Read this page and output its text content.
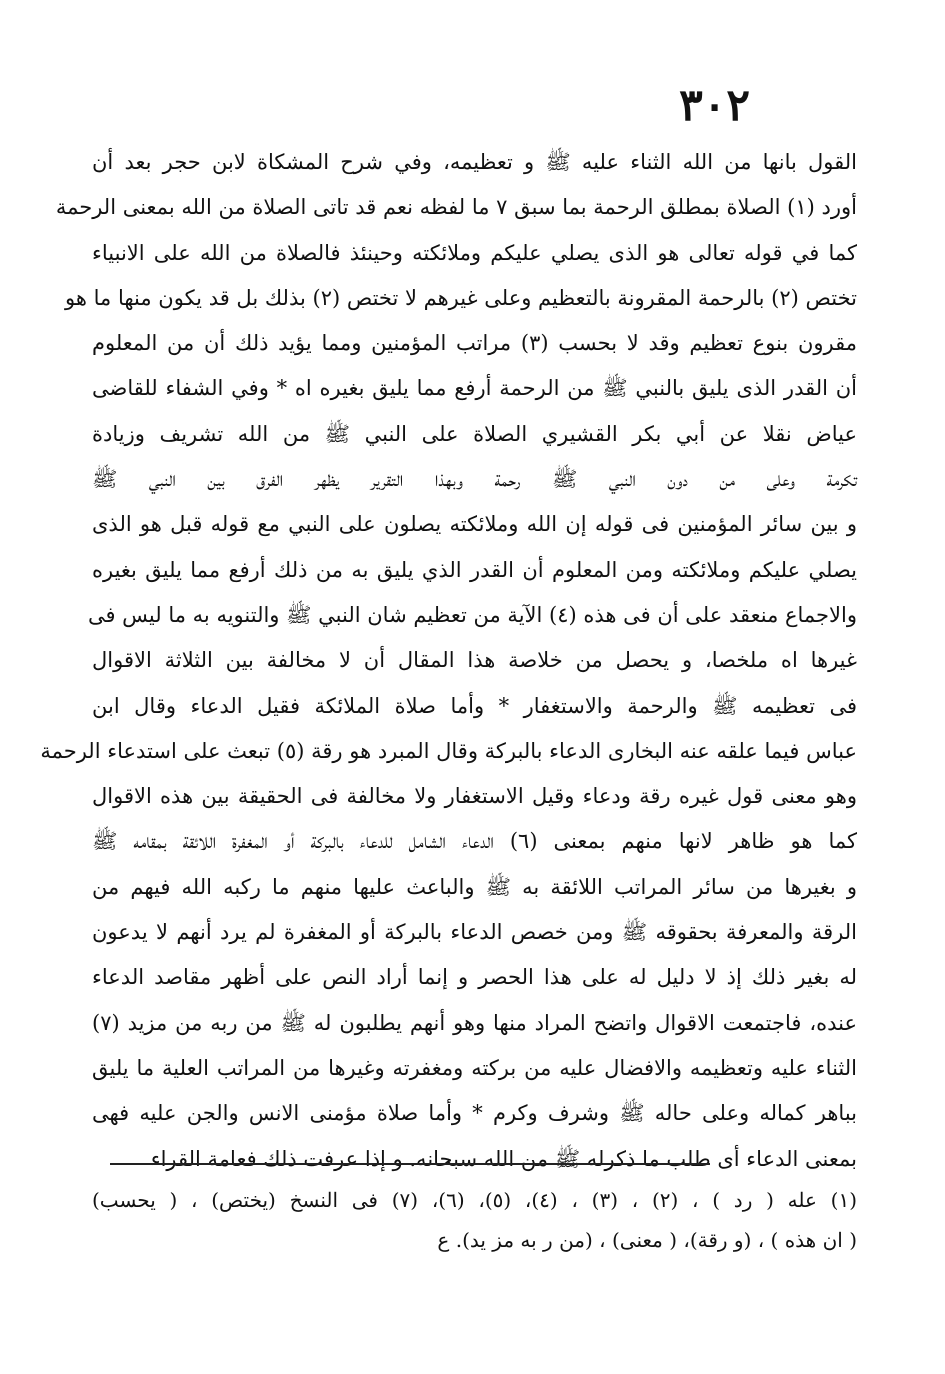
٣٠٢
القول بانها من الله الثناء عليه ﷺ و تعظيمه، وفي شرح المشكاة لابن حجر بعد أن
أورد (١) الصلاة بمطلق الرحمة بما سبق ٧ ما لفظه نعم قد تاتى الصلاة من الله بمعنى الرحمة
كما في قوله تعالى هو الذى يصلي عليكم وملائكته وحينئذ فالصلاة من الله على الانبياء
تختص (٢) بالرحمة المقرونة بالتعظيم وعلى غيرهم لا تختص (٢) بذلك بل قد يكون منها ما هو
مقرون بنوع تعظيم وقد لا بحسب (٣) مراتب المؤمنين ومما يؤيد ذلك أن من المعلوم
أن القدر الذى يليق بالنبي ﷺ من الرحمة أرفع مما يليق بغيره اه * وفي الشفاء للقاضى
عياض نقلا عن أبي بكر القشيري الصلاة على النبي ﷺ من الله تشريف وزيادة
تكرمة وعلى من دون النبي ﷺ رحمة وبهذا التقرير يظهر الفرق بين النبي ﷺ
و بين سائر المؤمنين فى قوله إن الله وملائكته يصلون على النبي مع قوله قبل هو الذى
يصلي عليكم وملائكته ومن المعلوم أن القدر الذي يليق به من ذلك أرفع مما يليق بغيره
والاجماع منعقد على أن فى هذه (٤) الآية من تعظيم شان النبي ﷺ والتنويه به ما ليس فى
غيرها اه ملخصا، و يحصل من خلاصة هذا المقال أن لا مخالفة بين الثلاثة الاقوال
فى تعظيمه ﷺ والرحمة والاستغفار * وأما صلاة الملائكة فقيل الدعاء وقال ابن
عباس فيما علقه عنه البخارى الدعاء بالبركة وقال المبرد هو رقة (٥) تبعث على استدعاء الرحمة
وهو معنى قول غيره رقة ودعاء وقيل الاستغفار ولا مخالفة فى الحقيقة بين هذه الاقوال
كما هو ظاهر لانها منهم بمعنى (٦) الدعاء الشامل للدعاء بالبركة أو المغفرة اللائقة بمقامه ﷺ
و بغيرها من سائر المراتب اللائقة به ﷺ والباعث عليها منهم ما ركبه الله فيهم من
الرقة والمعرفة بحقوقه ﷺ ومن خصص الدعاء بالبركة أو المغفرة لم يرد أنهم لا يدعون
له بغير ذلك إذ لا دليل له على هذا الحصر و إنما أراد النص على أظهر مقاصد الدعاء
عنده، فاجتمعت الاقوال واتضح المراد منها وهو أنهم يطلبون له ﷺ من ربه من مزيد (٧)
الثناء عليه وتعظيمه والافضال عليه من بركته ومغفرته وغيرها من المراتب العلية ما يليق
بباهر كماله وعلى حاله ﷺ وشرف وكرم * وأما صلاة مؤمنى الانس والجن عليه فهى
بمعنى الدعاء أى طلب ما ذكرله ﷺ من الله سبحانه. و إذا عرفت ذلك فعامة القراء
(١) عله ( رد ) ، (٢) ، (٣) ، (٤)، (٥)، (٦)، (٧) فى النسخ (يختص) ، ( يحسب)
( ان هذه ) ، (و رقة)، ( معنى) ، (من ر به مز يد). ع
